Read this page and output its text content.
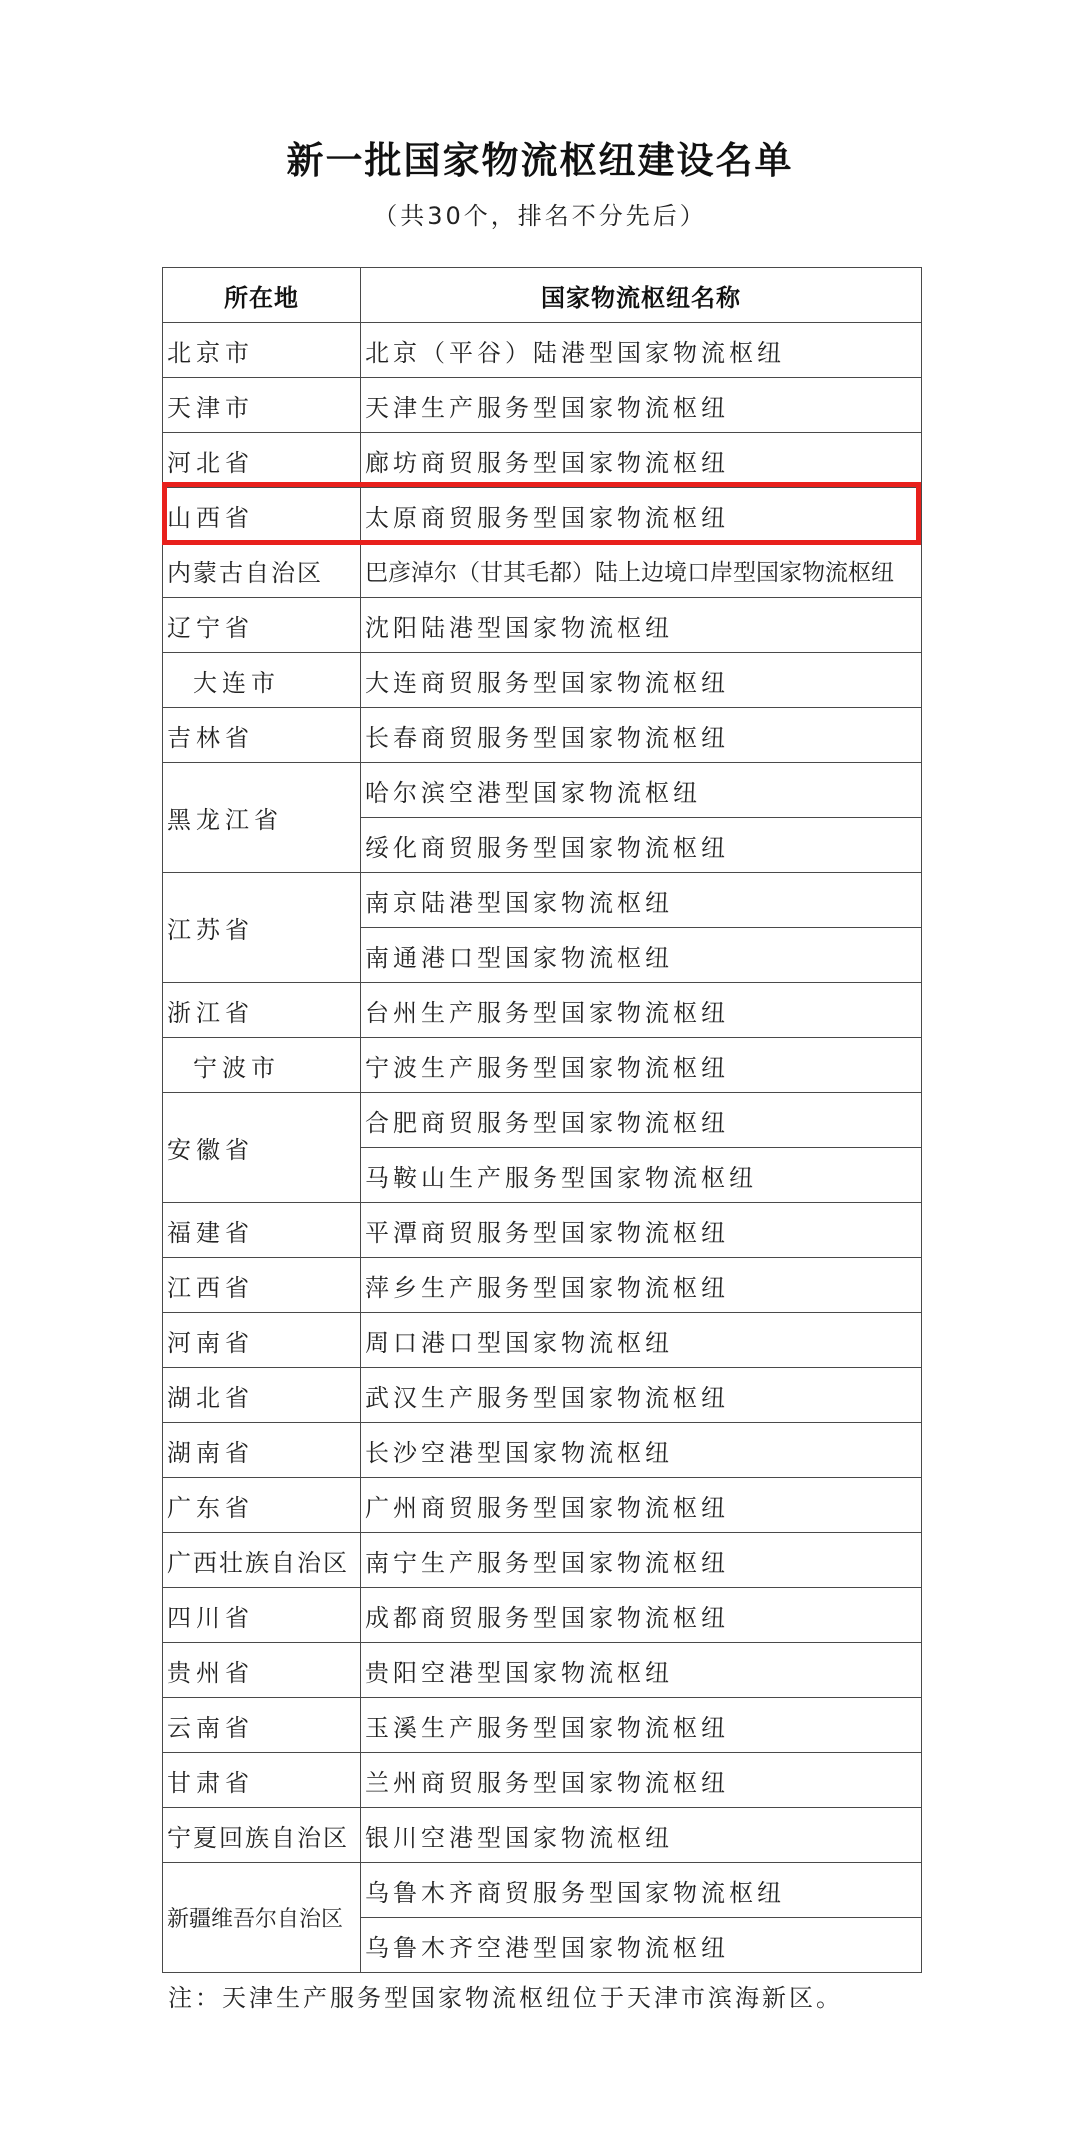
新一批国家物流枢纽建设名单
（共30个，排名不分先后）
所在地	国家物流枢纽名称
北京市	北京（平谷）陆港型国家物流枢纽
天津市	天津生产服务型国家物流枢纽
河北省	廊坊商贸服务型国家物流枢纽
山西省	太原商贸服务型国家物流枢纽
内蒙古自治区	巴彦淖尔（甘其毛都）陆上边境口岸型国家物流枢纽
辽宁省	沈阳陆港型国家物流枢纽
大连市	大连商贸服务型国家物流枢纽
吉林省	长春商贸服务型国家物流枢纽
黑龙江省	哈尔滨空港型国家物流枢纽
	绥化商贸服务型国家物流枢纽
江苏省	南京陆港型国家物流枢纽
	南通港口型国家物流枢纽
浙江省	台州生产服务型国家物流枢纽
宁波市	宁波生产服务型国家物流枢纽
安徽省	合肥商贸服务型国家物流枢纽
	马鞍山生产服务型国家物流枢纽
福建省	平潭商贸服务型国家物流枢纽
江西省	萍乡生产服务型国家物流枢纽
河南省	周口港口型国家物流枢纽
湖北省	武汉生产服务型国家物流枢纽
湖南省	长沙空港型国家物流枢纽
广东省	广州商贸服务型国家物流枢纽
广西壮族自治区	南宁生产服务型国家物流枢纽
四川省	成都商贸服务型国家物流枢纽
贵州省	贵阳空港型国家物流枢纽
云南省	玉溪生产服务型国家物流枢纽
甘肃省	兰州商贸服务型国家物流枢纽
宁夏回族自治区	银川空港型国家物流枢纽
新疆维吾尔自治区	乌鲁木齐商贸服务型国家物流枢纽
	乌鲁木齐空港型国家物流枢纽
注：天津生产服务型国家物流枢纽位于天津市滨海新区。
